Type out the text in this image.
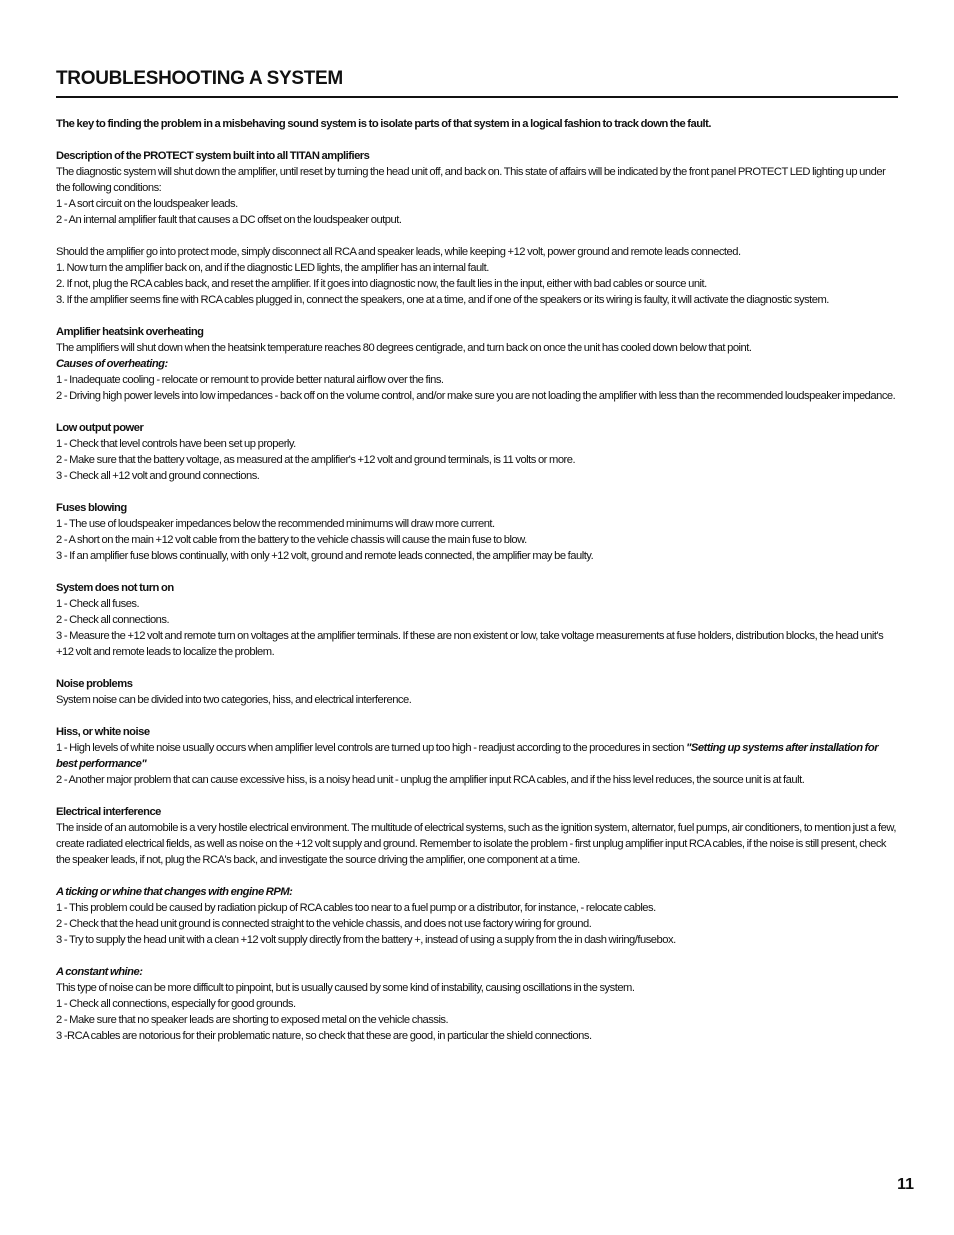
TROUBLESHOOTING A SYSTEM

The key to finding the problem in a misbehaving sound system is to isolate parts of that system in a logical fashion to track down the fault.

Description of the PROTECT system built into all TITAN amplifiers

The diagnostic system will shut down the amplifier, until reset by turning the head unit off, and back on. This state of affairs will be indicated by the front panel PROTECT LED lighting up under the following conditions:

1 - A sort circuit on the loudspeaker leads.

2 - An internal amplifier fault that causes a DC offset on the loudspeaker output.

Should the amplifier go into protect mode, simply disconnect all RCA and speaker leads, while keeping +12 volt, power ground and remote leads connected.

1. Now turn the amplifier back on, and if the diagnostic LED lights, the amplifier has an internal fault.

2. If not, plug the RCA cables back, and reset the amplifier. If it goes into diagnostic now, the fault lies in the input, either with bad cables or source unit.

3. If the amplifier seems fine with RCA cables plugged in, connect the speakers, one at a time, and if one of the speakers or its wiring is faulty, it will activate the diagnostic system.

Amplifier heatsink overheating

The amplifiers will shut down when the heatsink temperature reaches 80 degrees centigrade, and turn back on once the unit has cooled down below that point.

Causes of overheating:

1 - Inadequate cooling - relocate or remount to provide better natural airflow over the fins.

2 - Driving high power levels into low impedances - back off on the volume control, and/or make sure you are not loading the amplifier with less than the recommended loudspeaker impedance.

Low output power

1 - Check that level controls have been set up properly.

2 - Make sure that the battery voltage, as measured at the amplifier's +12 volt and ground terminals, is 11 volts or more.

3 - Check all +12 volt and ground connections.

Fuses blowing

1 - The use of loudspeaker impedances below the recommended minimums will draw more current.

2 - A short on the main +12 volt cable from the battery to the vehicle chassis will cause the main fuse to blow.

3 - If an amplifier fuse blows continually, with only +12 volt, ground and remote leads connected, the amplifier may be faulty.

System does not turn on

1 - Check all fuses.

2 - Check all connections.

3 - Measure the +12 volt and remote turn on voltages at the amplifier terminals. If these are non existent or low, take voltage measurements at fuse holders, distribution blocks, the head unit's +12 volt and remote leads to localize the problem.

Noise problems

System noise can be divided into two categories, hiss, and electrical interference.

Hiss, or white noise

1 - High levels of white noise usually occurs when amplifier level controls are turned up too high - readjust according to the procedures in section "Setting up systems after installation for best performance"

2 - Another major problem that can cause excessive hiss, is a noisy head unit - unplug the amplifier input RCA cables, and if the hiss level reduces, the source unit is at fault.

Electrical interference

The inside of an automobile is a very hostile electrical environment. The multitude of electrical systems, such as the ignition system, alternator, fuel pumps, air conditioners, to mention just a few, create radiated electrical fields, as well as noise on the +12 volt supply and ground. Remember to isolate the problem - first unplug amplifier input RCA cables, if the noise is still present, check the speaker leads, if not, plug the RCA's back, and investigate the source driving the amplifier, one component at a time.

A ticking or whine that changes with engine RPM:

1 - This problem could be caused by radiation pickup of RCA cables too near to a fuel pump or a distributor, for instance, - relocate cables.

2 - Check that the head unit ground is connected straight to the vehicle chassis, and does not use factory wiring for ground.

3 - Try to supply the head unit with a clean +12 volt supply directly from the battery +, instead of using a supply from the in dash wiring/fusebox.

A constant whine:

This type of noise can be more difficult to pinpoint, but is usually caused by some kind of instability, causing oscillations in the system.

1 - Check all connections, especially for good grounds.

2 - Make sure that no speaker leads are shorting to exposed metal on the vehicle chassis.

3 -RCA cables are notorious for their problematic nature, so check that these are good, in particular the shield connections.

11
